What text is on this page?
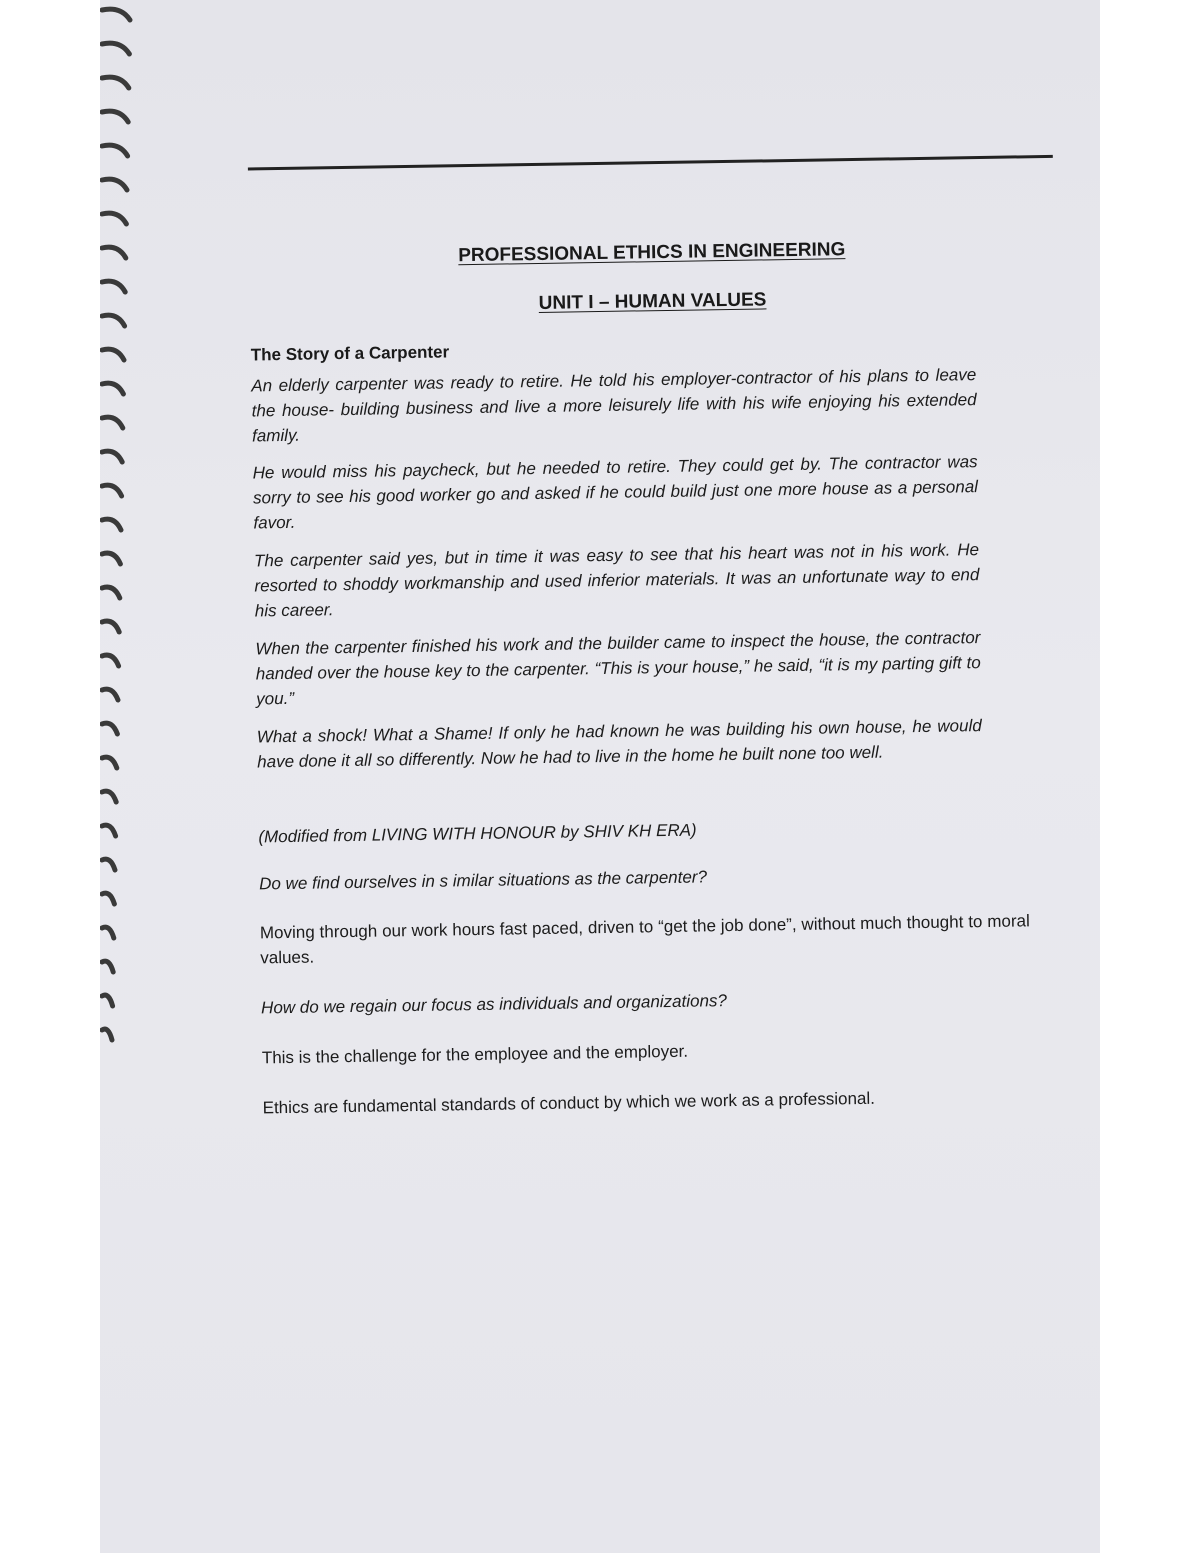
PROFESSIONAL ETHICS IN ENGINEERING
UNIT I – HUMAN VALUES
The Story of a Carpenter
An elderly carpenter was ready to retire. He told his employer-contractor of his plans to leave the house- building business and live a more leisurely life with his wife enjoying his extended family.
He would miss his paycheck, but he needed to retire. They could get by. The contractor was sorry to see his good worker go and asked if he could build just one more house as a personal favor.
The carpenter said yes, but in time it was easy to see that his heart was not in his work. He resorted to shoddy workmanship and used inferior materials. It was an unfortunate way to end his career.
When the carpenter finished his work and the builder came to inspect the house, the contractor handed over the house key to the carpenter. “This is your house,” he said, “it is my parting gift to you.”
What a shock! What a Shame! If only he had known he was building his own house, he would have done it all so differently. Now he had to live in the home he built none too well.
(Modified from LIVING WITH HONOUR by SHIV KH ERA)
Do we find ourselves in s imilar situations as the carpenter?
Moving through our work hours fast paced, driven to “get the job done”, without much thought to moral values.
How do we regain our focus as individuals and organizations?
This is the challenge for the employee and the employer.
Ethics are fundamental standards of conduct by which we work as a professional.
